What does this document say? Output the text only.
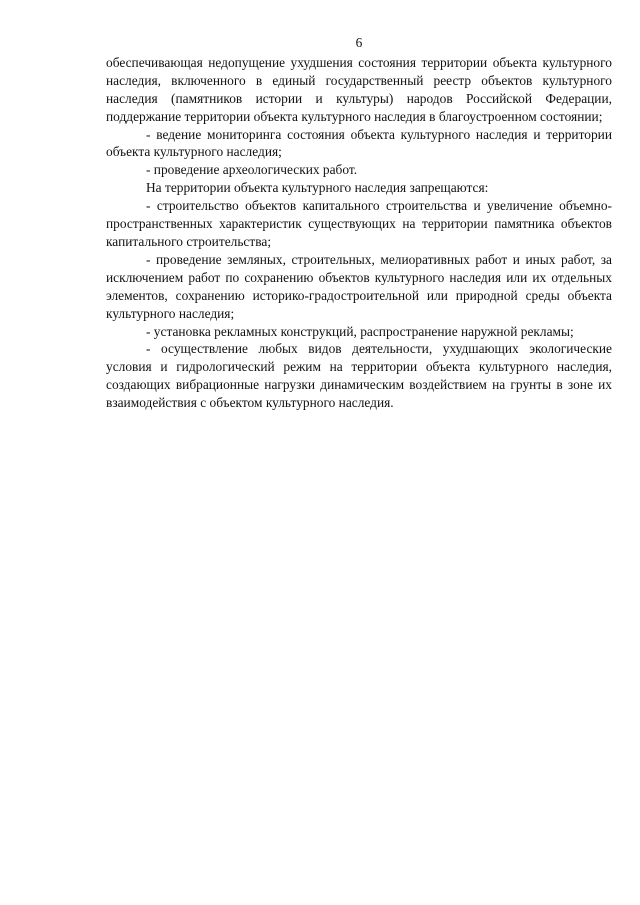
6

обеспечивающая недопущение ухудшения состояния территории объекта культурного наследия, включенного в единый государственный реестр объектов культурного наследия (памятников истории и культуры) народов Российской Федерации, поддержание территории объекта культурного наследия в благоустроенном состоянии;

- ведение мониторинга состояния объекта культурного наследия и территории объекта культурного наследия;

- проведение археологических работ.

На территории объекта культурного наследия запрещаются:

- строительство объектов капитального строительства и увеличение объемно-пространственных характеристик существующих на территории памятника объектов капитального строительства;

- проведение земляных, строительных, мелиоративных работ и иных работ, за исключением работ по сохранению объектов культурного наследия или их отдельных элементов, сохранению историко-градостроительной или природной среды объекта культурного наследия;

- установка рекламных конструкций, распространение наружной рекламы;

- осуществление любых видов деятельности, ухудшающих экологические условия и гидрологический режим на территории объекта культурного наследия, создающих вибрационные нагрузки динамическим воздействием на грунты в зоне их взаимодействия с объектом культурного наследия.
